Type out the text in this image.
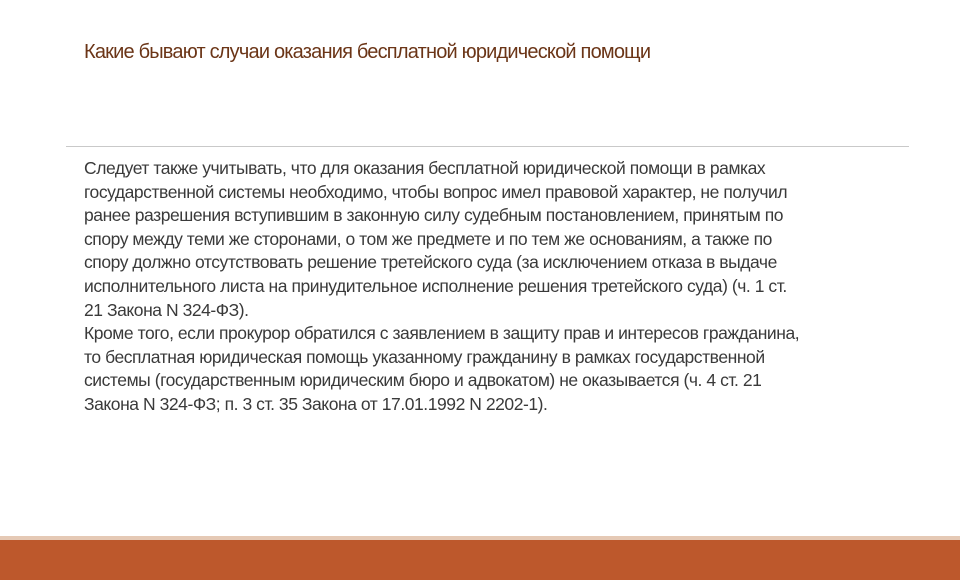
Какие бывают случаи оказания бесплатной юридической помощи

Следует также учитывать, что для оказания бесплатной юридической помощи в рамках государственной системы необходимо, чтобы вопрос имел правовой характер, не получил ранее разрешения вступившим в законную силу судебным постановлением, принятым по спору между теми же сторонами, о том же предмете и по тем же основаниям, а также по спору должно отсутствовать решение третейского суда (за исключением отказа в выдаче исполнительного листа на принудительное исполнение решения третейского суда) (ч. 1 ст. 21 Закона N 324-ФЗ).

Кроме того, если прокурор обратился с заявлением в защиту прав и интересов гражданина, то бесплатная юридическая помощь указанному гражданину в рамках государственной системы (государственным юридическим бюро и адвокатом) не оказывается (ч. 4 ст. 21 Закона N 324-ФЗ; п. 3 ст. 35 Закона от 17.01.1992 N 2202-1).
